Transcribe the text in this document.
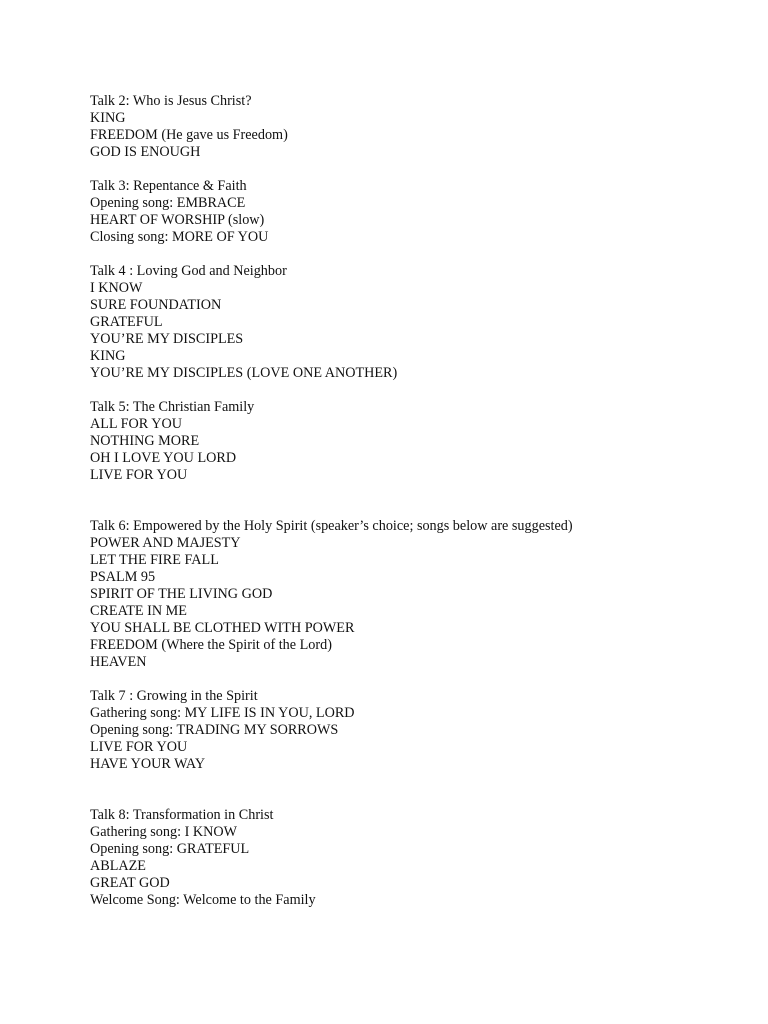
Talk 2: Who is Jesus Christ?
KING
FREEDOM (He gave us Freedom)
GOD IS ENOUGH
Talk 3: Repentance & Faith
Opening song: EMBRACE
HEART OF WORSHIP (slow)
Closing song: MORE OF YOU
Talk 4 : Loving God and Neighbor
I KNOW
SURE FOUNDATION
GRATEFUL
YOU’RE MY DISCIPLES
KING
YOU’RE MY DISCIPLES (LOVE ONE ANOTHER)
Talk 5: The Christian Family
ALL FOR YOU
NOTHING MORE
OH I LOVE YOU LORD
LIVE FOR YOU
Talk 6: Empowered by the Holy Spirit (speaker’s choice; songs below are suggested)
POWER AND MAJESTY
LET THE FIRE FALL
PSALM 95
SPIRIT OF THE LIVING GOD
CREATE IN ME
YOU SHALL BE CLOTHED WITH POWER
FREEDOM (Where the Spirit of the Lord)
HEAVEN
Talk 7 : Growing in the Spirit
Gathering song: MY LIFE IS IN YOU, LORD
Opening song: TRADING MY SORROWS
LIVE FOR YOU
HAVE YOUR WAY
Talk 8: Transformation in Christ
Gathering song: I KNOW
Opening song: GRATEFUL
ABLAZE
GREAT GOD
Welcome Song: Welcome to the Family
